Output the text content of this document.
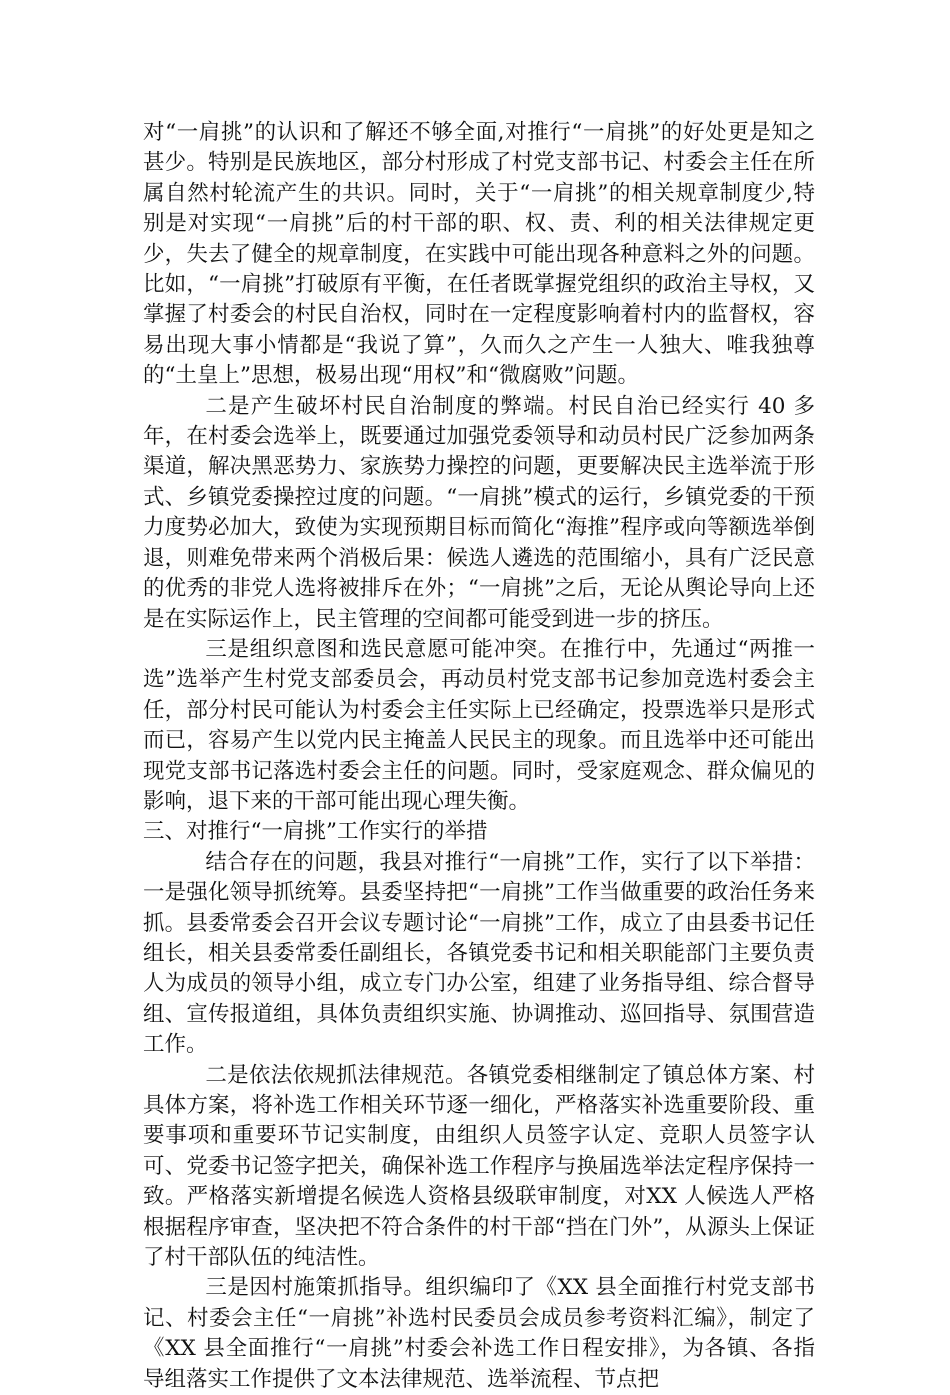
对“一肩挑”的认识和了解还不够全面,对推行“一肩挑”的好处更是知之甚少。特别是民族地区，部分村形成了村党支部书记、村委会主任在所属自然村轮流产生的共识。同时，关于“一肩挑”的相关规章制度少,特别是对实现“一肩挑”后的村干部的职、权、责、利的相关法律规定更少，失去了健全的规章制度，在实践中可能出现各种意料之外的问题。比如，“一肩挑”打破原有平衡，在任者既掌握党组织的政治主导权，又掌握了村委会的村民自治权，同时在一定程度影响着村内的监督权，容易出现大事小情都是“我说了算”，久而久之产生一人独大、唯我独尊的“土皇上”思想，极易出现“用权”和“微腐败”问题。

二是产生破坏村民自治制度的弊端。村民自治已经实行 40 多年，在村委会选举上，既要通过加强党委领导和动员村民广泛参加两条渠道，解决黑恶势力、家族势力操控的问题，更要解决民主选举流于形式、乡镇党委操控过度的问题。“一肩挑”模式的运行，乡镇党委的干预力度势必加大，致使为实现预期目标而简化“海推”程序或向等额选举倒退，则难免带来两个消极后果：候选人遴选的范围缩小，具有广泛民意的优秀的非党人选将被排斥在外；“一肩挑”之后，无论从舆论导向上还是在实际运作上，民主管理的空间都可能受到进一步的挤压。

三是组织意图和选民意愿可能冲突。在推行中，先通过“两推一选”选举产生村党支部委员会，再动员村党支部书记参加竞选村委会主任，部分村民可能认为村委会主任实际上已经确定，投票选举只是形式而已，容易产生以党内民主掩盖人民民主的现象。而且选举中还可能出现党支部书记落选村委会主任的问题。同时，受家庭观念、群众偏见的影响，退下来的干部可能出现心理失衡。

三、对推行“一肩挑”工作实行的举措

结合存在的问题，我县对推行“一肩挑”工作，实行了以下举措：一是强化领导抓统筹。县委坚持把“一肩挑”工作当做重要的政治任务来抓。县委常委会召开会议专题讨论“一肩挑”工作，成立了由县委书记任组长，相关县委常委任副组长，各镇党委书记和相关职能部门主要负责人为成员的领导小组，成立专门办公室，组建了业务指导组、综合督导组、宣传报道组，具体负责组织实施、协调推动、巡回指导、氛围营造工作。

二是依法依规抓法律规范。各镇党委相继制定了镇总体方案、村具体方案，将补选工作相关环节逐一细化，严格落实补选重要阶段、重要事项和重要环节记实制度，由组织人员签字认定、竞职人员签字认可、党委书记签字把关，确保补选工作程序与换届选举法定程序保持一致。严格落实新增提名候选人资格县级联审制度，对XX 人候选人严格根据程序审查，坚决把不符合条件的村干部“挡在门外”，从源头上保证了村干部队伍的纯洁性。

三是因村施策抓指导。组织编印了《XX 县全面推行村党支部书记、村委会主任“一肩挑”补选村民委员会成员参考资料汇编》，制定了《XX 县全面推行“一肩挑”村委会补选工作日程安排》，为各镇、各指导组落实工作提供了文本法律规范、选举流程、节点把
